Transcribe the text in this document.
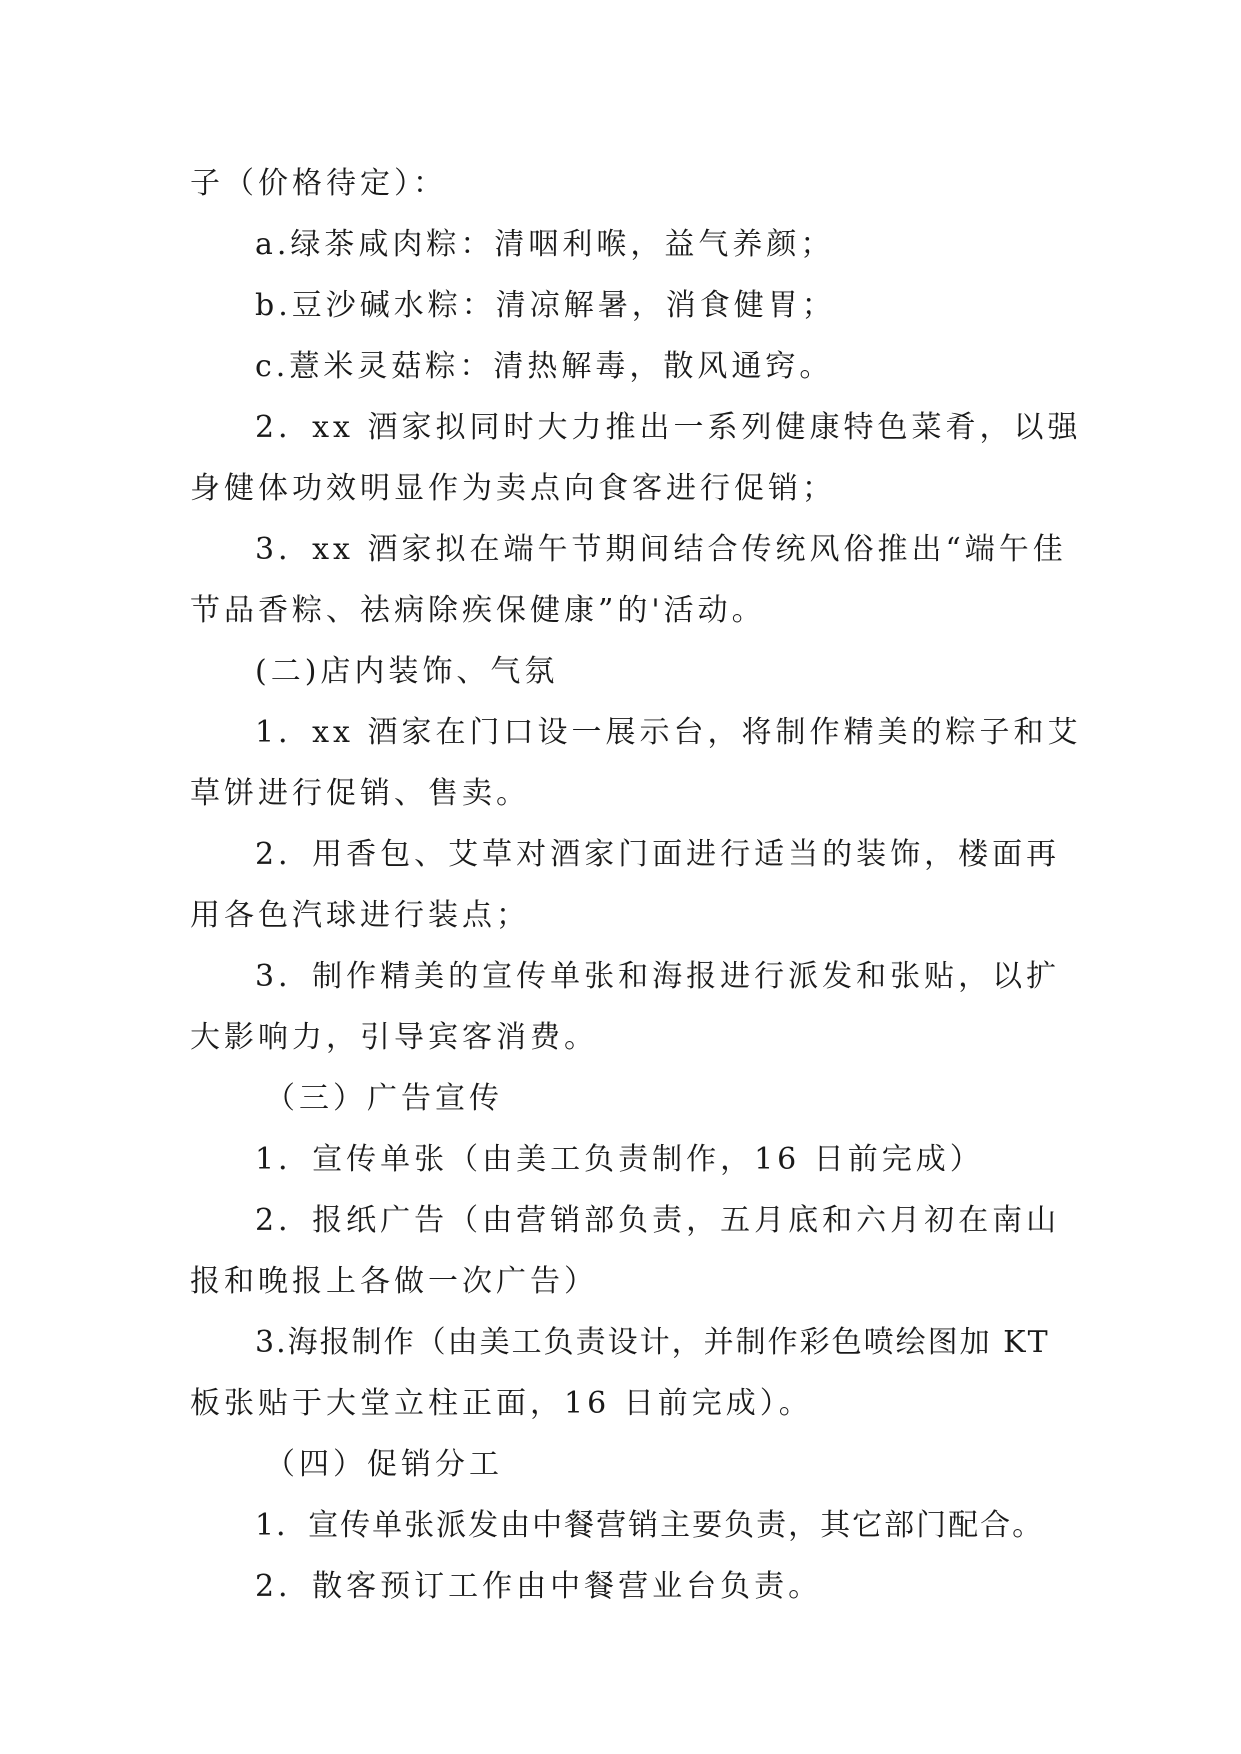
子（价格待定）：
a.绿茶咸肉粽：清咽利喉，益气养颜；
b.豆沙碱水粽：清凉解暑，消食健胃；
c.薏米灵菇粽：清热解毒，散风通窍。
2．xx 酒家拟同时大力推出一系列健康特色菜肴，以强
身健体功效明显作为卖点向食客进行促销；
3．xx 酒家拟在端午节期间结合传统风俗推出“端午佳
节品香粽、祛病除疾保健康”的'活动。
(二)店内装饰、气氛
1．xx 酒家在门口设一展示台，将制作精美的粽子和艾
草饼进行促销、售卖。
2．用香包、艾草对酒家门面进行适当的装饰，楼面再
用各色汽球进行装点；
3．制作精美的宣传单张和海报进行派发和张贴，以扩
大影响力，引导宾客消费。
（三）广告宣传
1．宣传单张（由美工负责制作，16 日前完成）
2．报纸广告（由营销部负责，五月底和六月初在南山
报和晚报上各做一次广告）
3.海报制作（由美工负责设计，并制作彩色喷绘图加 KT
板张贴于大堂立柱正面，16 日前完成）。
（四）促销分工
1．宣传单张派发由中餐营销主要负责，其它部门配合。
2．散客预订工作由中餐营业台负责。
